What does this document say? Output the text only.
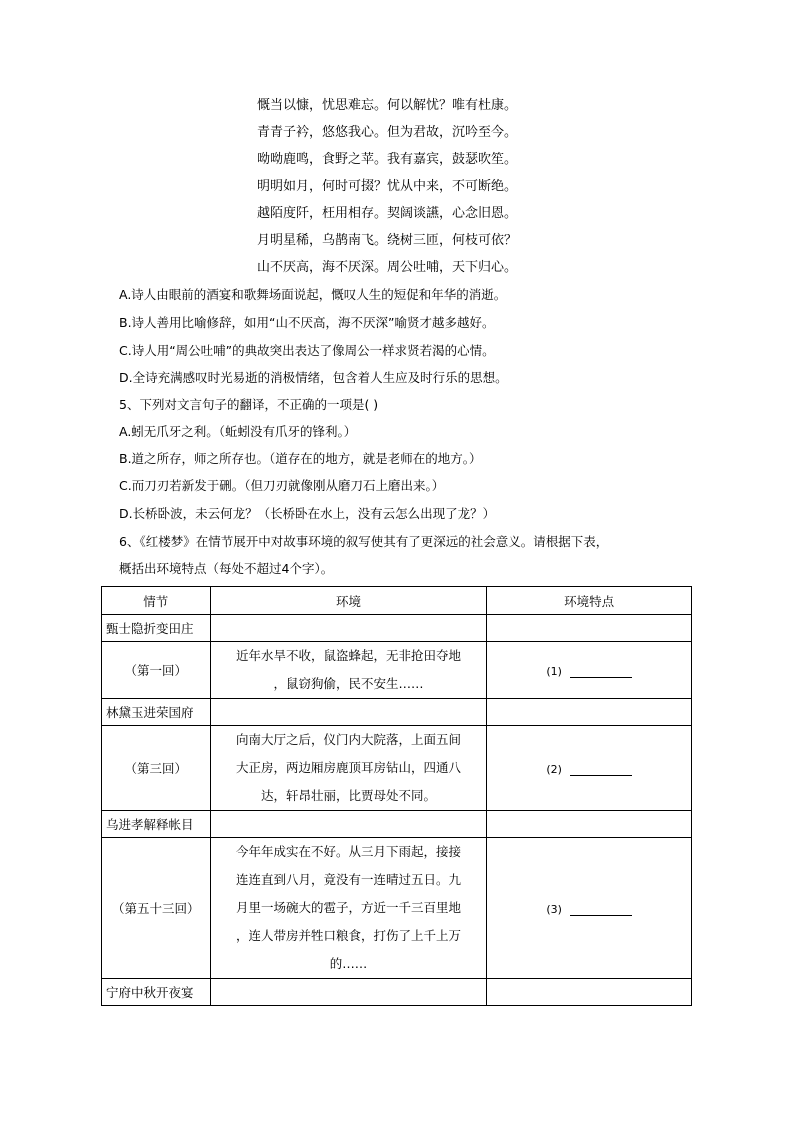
慨当以慷，忧思难忘。何以解忧？唯有杜康。
青青子衿，悠悠我心。但为君故，沉吟至今。
呦呦鹿鸣，食野之苹。我有嘉宾，鼓瑟吹笙。
明明如月，何时可掇？忧从中来，不可断绝。
越陌度阡，枉用相存。契阔谈讌，心念旧恩。
月明星稀，乌鹊南飞。绕树三匝，何枝可依？
山不厌高，海不厌深。周公吐哺，天下归心。
A.诗人由眼前的酒宴和歌舞场面说起，慨叹人生的短促和年华的消逝。
B.诗人善用比喻修辞，如用“山不厌高，海不厌深”喻贤才越多越好。
C.诗人用“周公吐哺”的典故突出表达了像周公一样求贤若渴的心情。
D.全诗充满感叹时光易逝的消极情绪，包含着人生应及时行乐的思想。
5、下列对文言句子的翻译，不正确的一项是( )
A.蚓无爪牙之利。（蚯蚓没有爪牙的锋利。）
B.道之所存，师之所存也。（道存在的地方，就是老师在的地方。）
C.而刀刃若新发于硎。（但刀刃就像刚从磨刀石上磨出来。）
D.长桥卧波，未云何龙？（长桥卧在水上，没有云怎么出现了龙？）
6、《红楼梦》在情节展开中对故事环境的叙写使其有了更深远的社会意义。请根据下表，
概括出环境特点（每处不超过4个字）。
情节	环境	环境特点
甄士隐折变田庄		
（第一回）	近年水旱不收，鼠盗蜂起，无非抢田夺地
，鼠窃狗偷，民不安生……	(1)
林黛玉进荣国府		
（第三回）	向南大厅之后，仪门内大院落，上面五间
大正房，两边厢房鹿顶耳房钻山，四通八
达，轩昂壮丽，比贾母处不同。	(2)
乌进孝解释帐目		
（第五十三回）	今年年成实在不好。从三月下雨起，接接
连连直到八月，竟没有一连晴过五日。九
月里一场碗大的雹子，方近一千三百里地
，连人带房并牲口粮食，打伤了上千上万
的……	(3)
宁府中秋开夜宴		
